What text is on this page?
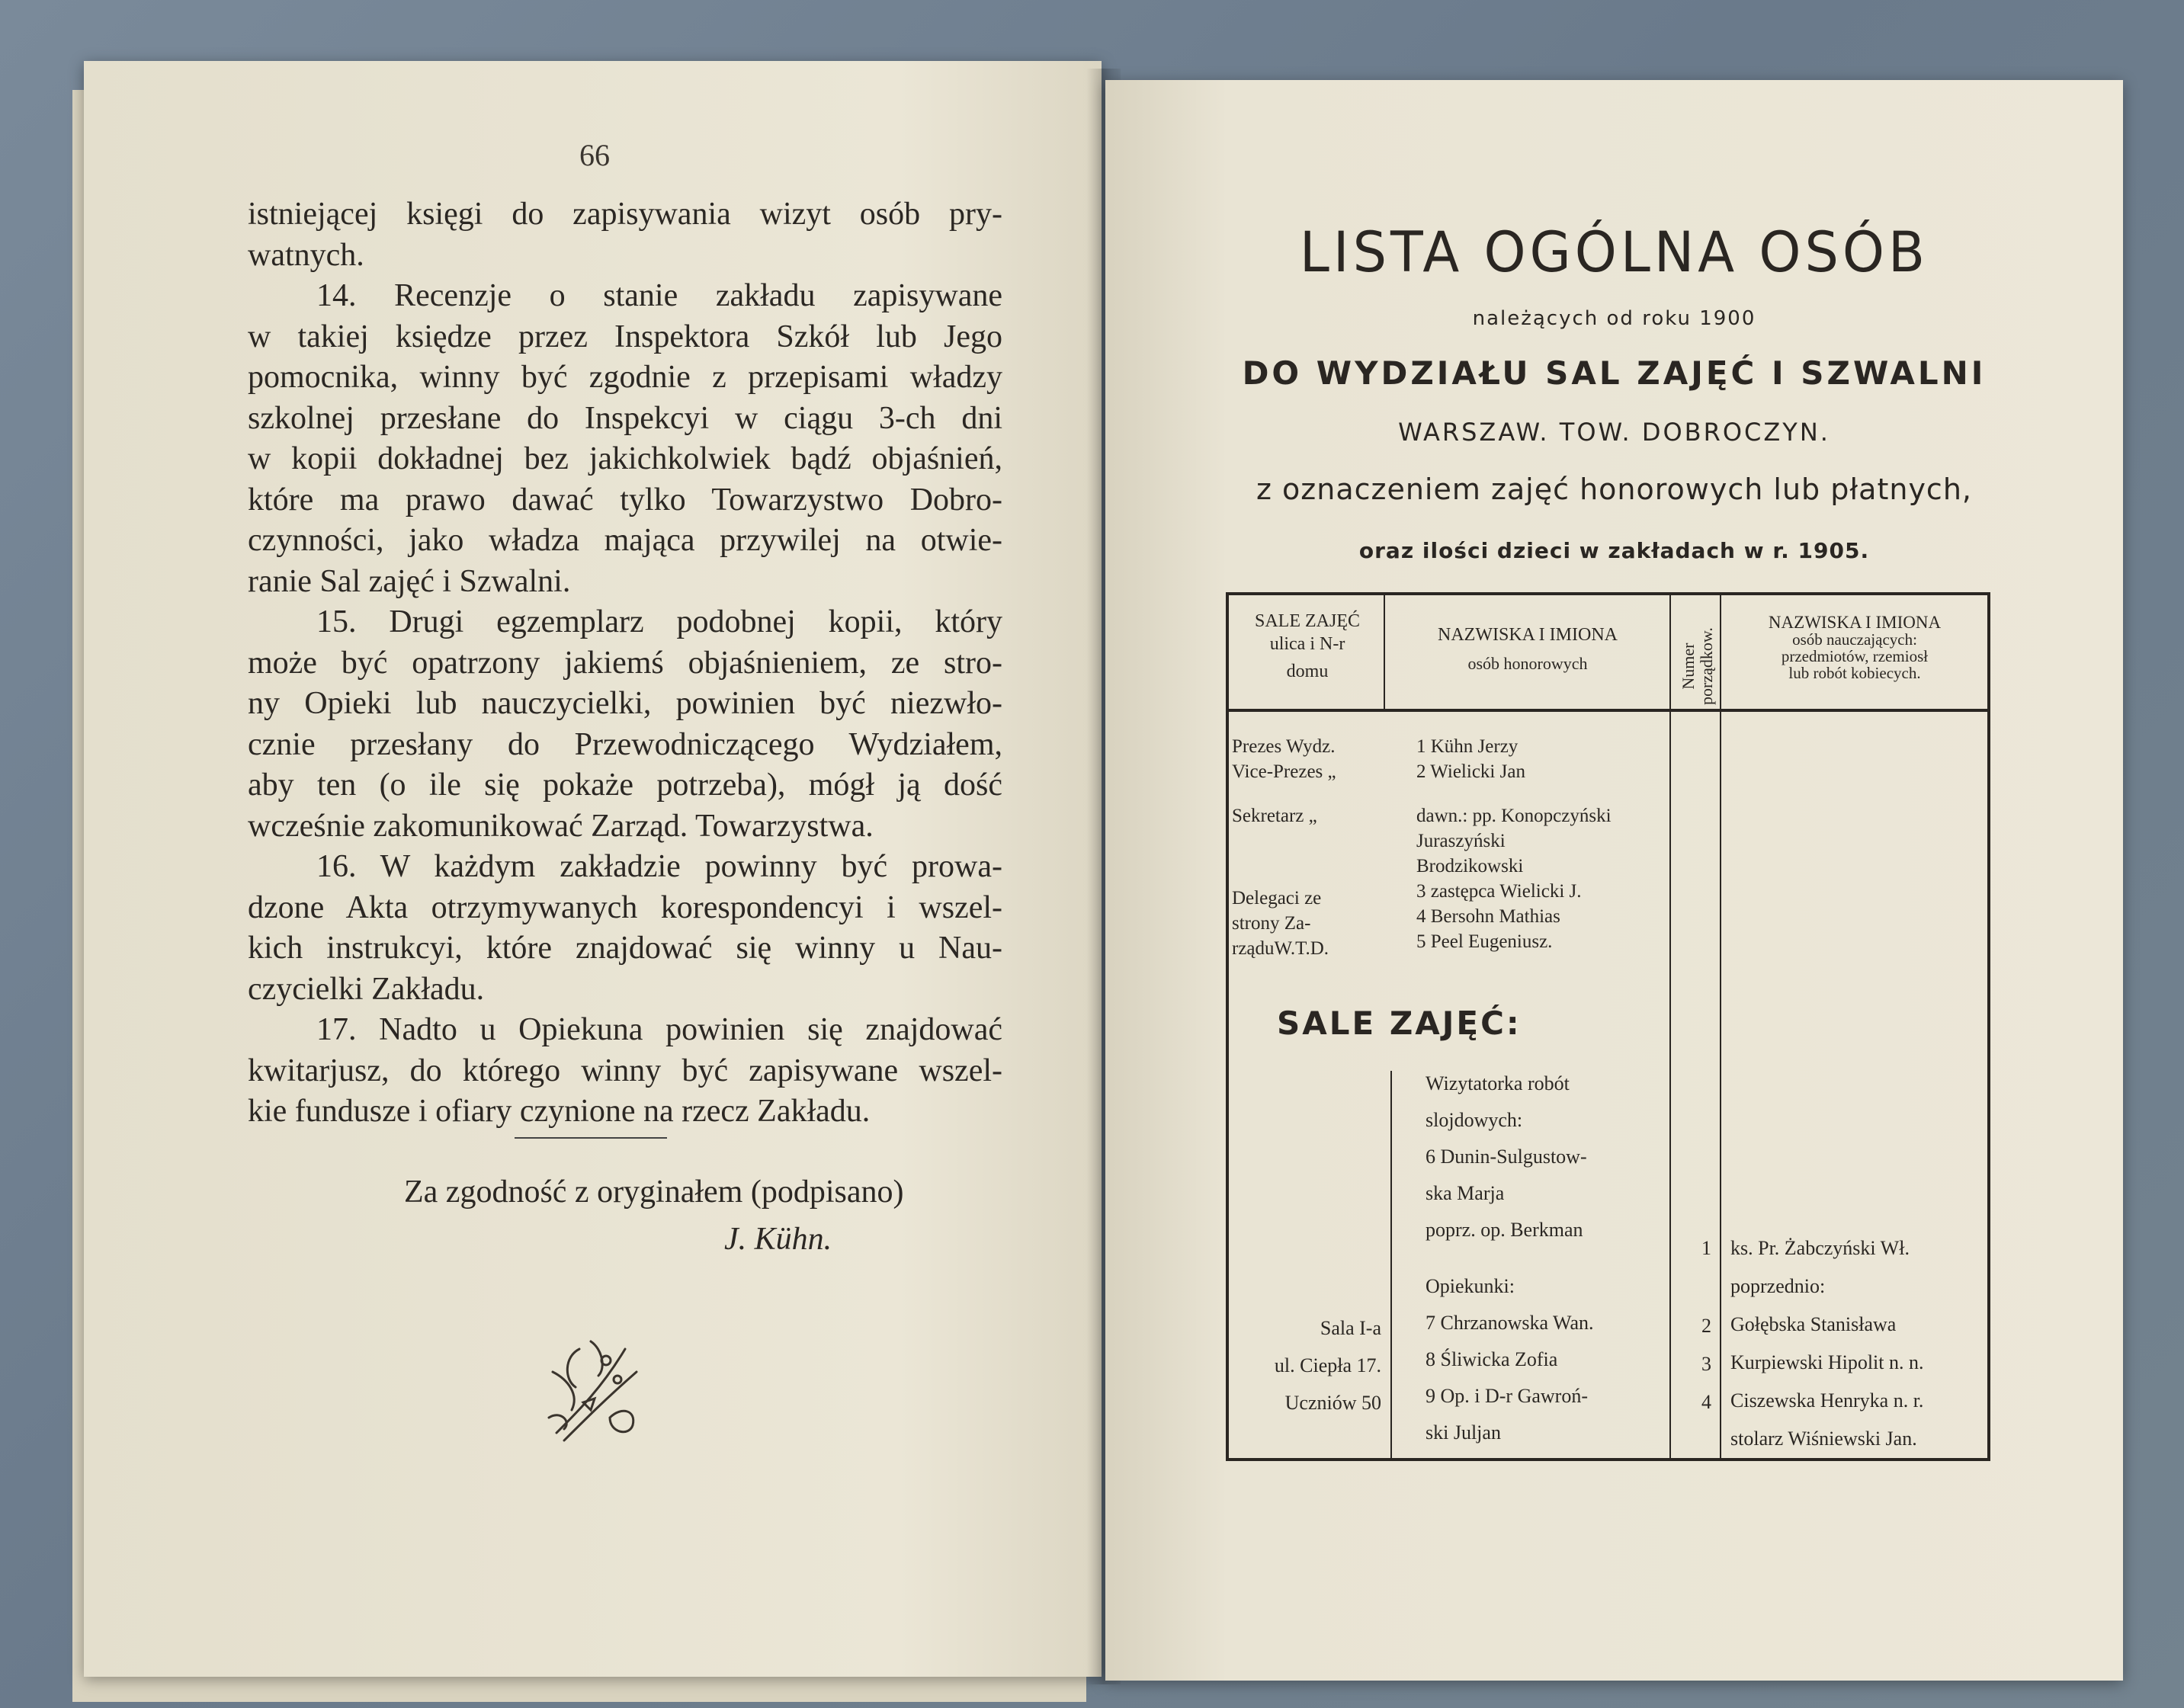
66
istniejącej księgi do zapisywania wizyt osób pry-
watnych.
14. Recenzje o stanie zakładu zapisywane
w takiej księdze przez Inspektora Szkół lub Jego
pomocnika, winny być zgodnie z przepisami władzy
szkolnej przesłane do Inspekcyi w ciągu 3-ch dni
w kopii dokładnej bez jakichkolwiek bądź objaśnień,
które ma prawo dawać tylko Towarzystwo Dobro-
czynności, jako władza mająca przywilej na otwie-
ranie Sal zajęć i Szwalni.
15. Drugi egzemplarz podobnej kopii, który
może być opatrzony jakiemś objaśnieniem, ze stro-
ny Opieki lub nauczycielki, powinien być niezwło-
cznie przesłany do Przewodniczącego Wydziałem,
aby ten (o ile się pokaże potrzeba), mógł ją dość
wcześnie zakomunikować Zarząd. Towarzystwa.
16. W każdym zakładzie powinny być prowa-
dzone Akta otrzymywanych korespondencyi i wszel-
kich instrukcyi, które znajdować się winny u Nau-
czycielki Zakładu.
17. Nadto u Opiekuna powinien się znajdować
kwitarjusz, do którego winny być zapisywane wszel-
kie fundusze i ofiary czynione na rzecz Zakładu.
Za zgodność z oryginałem (podpisano)
J. Kühn.
LISTA OGÓLNA OSÓB
należących od roku 1900
DO WYDZIAŁU SAL ZAJĘĆ I SZWALNI
WARSZAW. TOW. DOBROCZYN.
z oznaczeniem zajęć honorowych lub płatnych,
oraz ilości dzieci w zakładach w r. 1905.
SALE ZAJĘĆ
ulica i N-r
domu
NAZWISKA I IMIONA
osób honorowych	Numer porządkow.
NAZWISKA I IMIONA
osób nauczających:
przedmiotów, rzemiosł
lub robót kobiecych.
Prezes Wydz.
Vice-Prezes „
Sekretarz „
Delegaci ze
strony Za-
rząduW.T.D.
1 Kühn Jerzy
2 Wielicki Jan
dawn.: pp. Konopczyński
Juraszyński
Brodzikowski
3 zastępca Wielicki J.
4 Bersohn Mathias
5 Peel Eugeniusz.
SALE ZAJĘĆ:
Sala I-a
ul. Ciepła 17.
Uczniów 50
Wizytatorka robót
slojdowych:
6 Dunin-Sulgustow-
ska Marja
poprz. op. Berkman
Opiekunki:
7 Chrzanowska Wan.
8 Śliwicka Zofia
9 Op. i D-r Gawroń-
ski Juljan
1
2
3
4
ks. Pr. Żabczyński Wł.
poprzednio:
Gołębska Stanisława
Kurpiewski Hipolit n. n.
Ciszewska Henryka n. r.
stolarz Wiśniewski Jan.
